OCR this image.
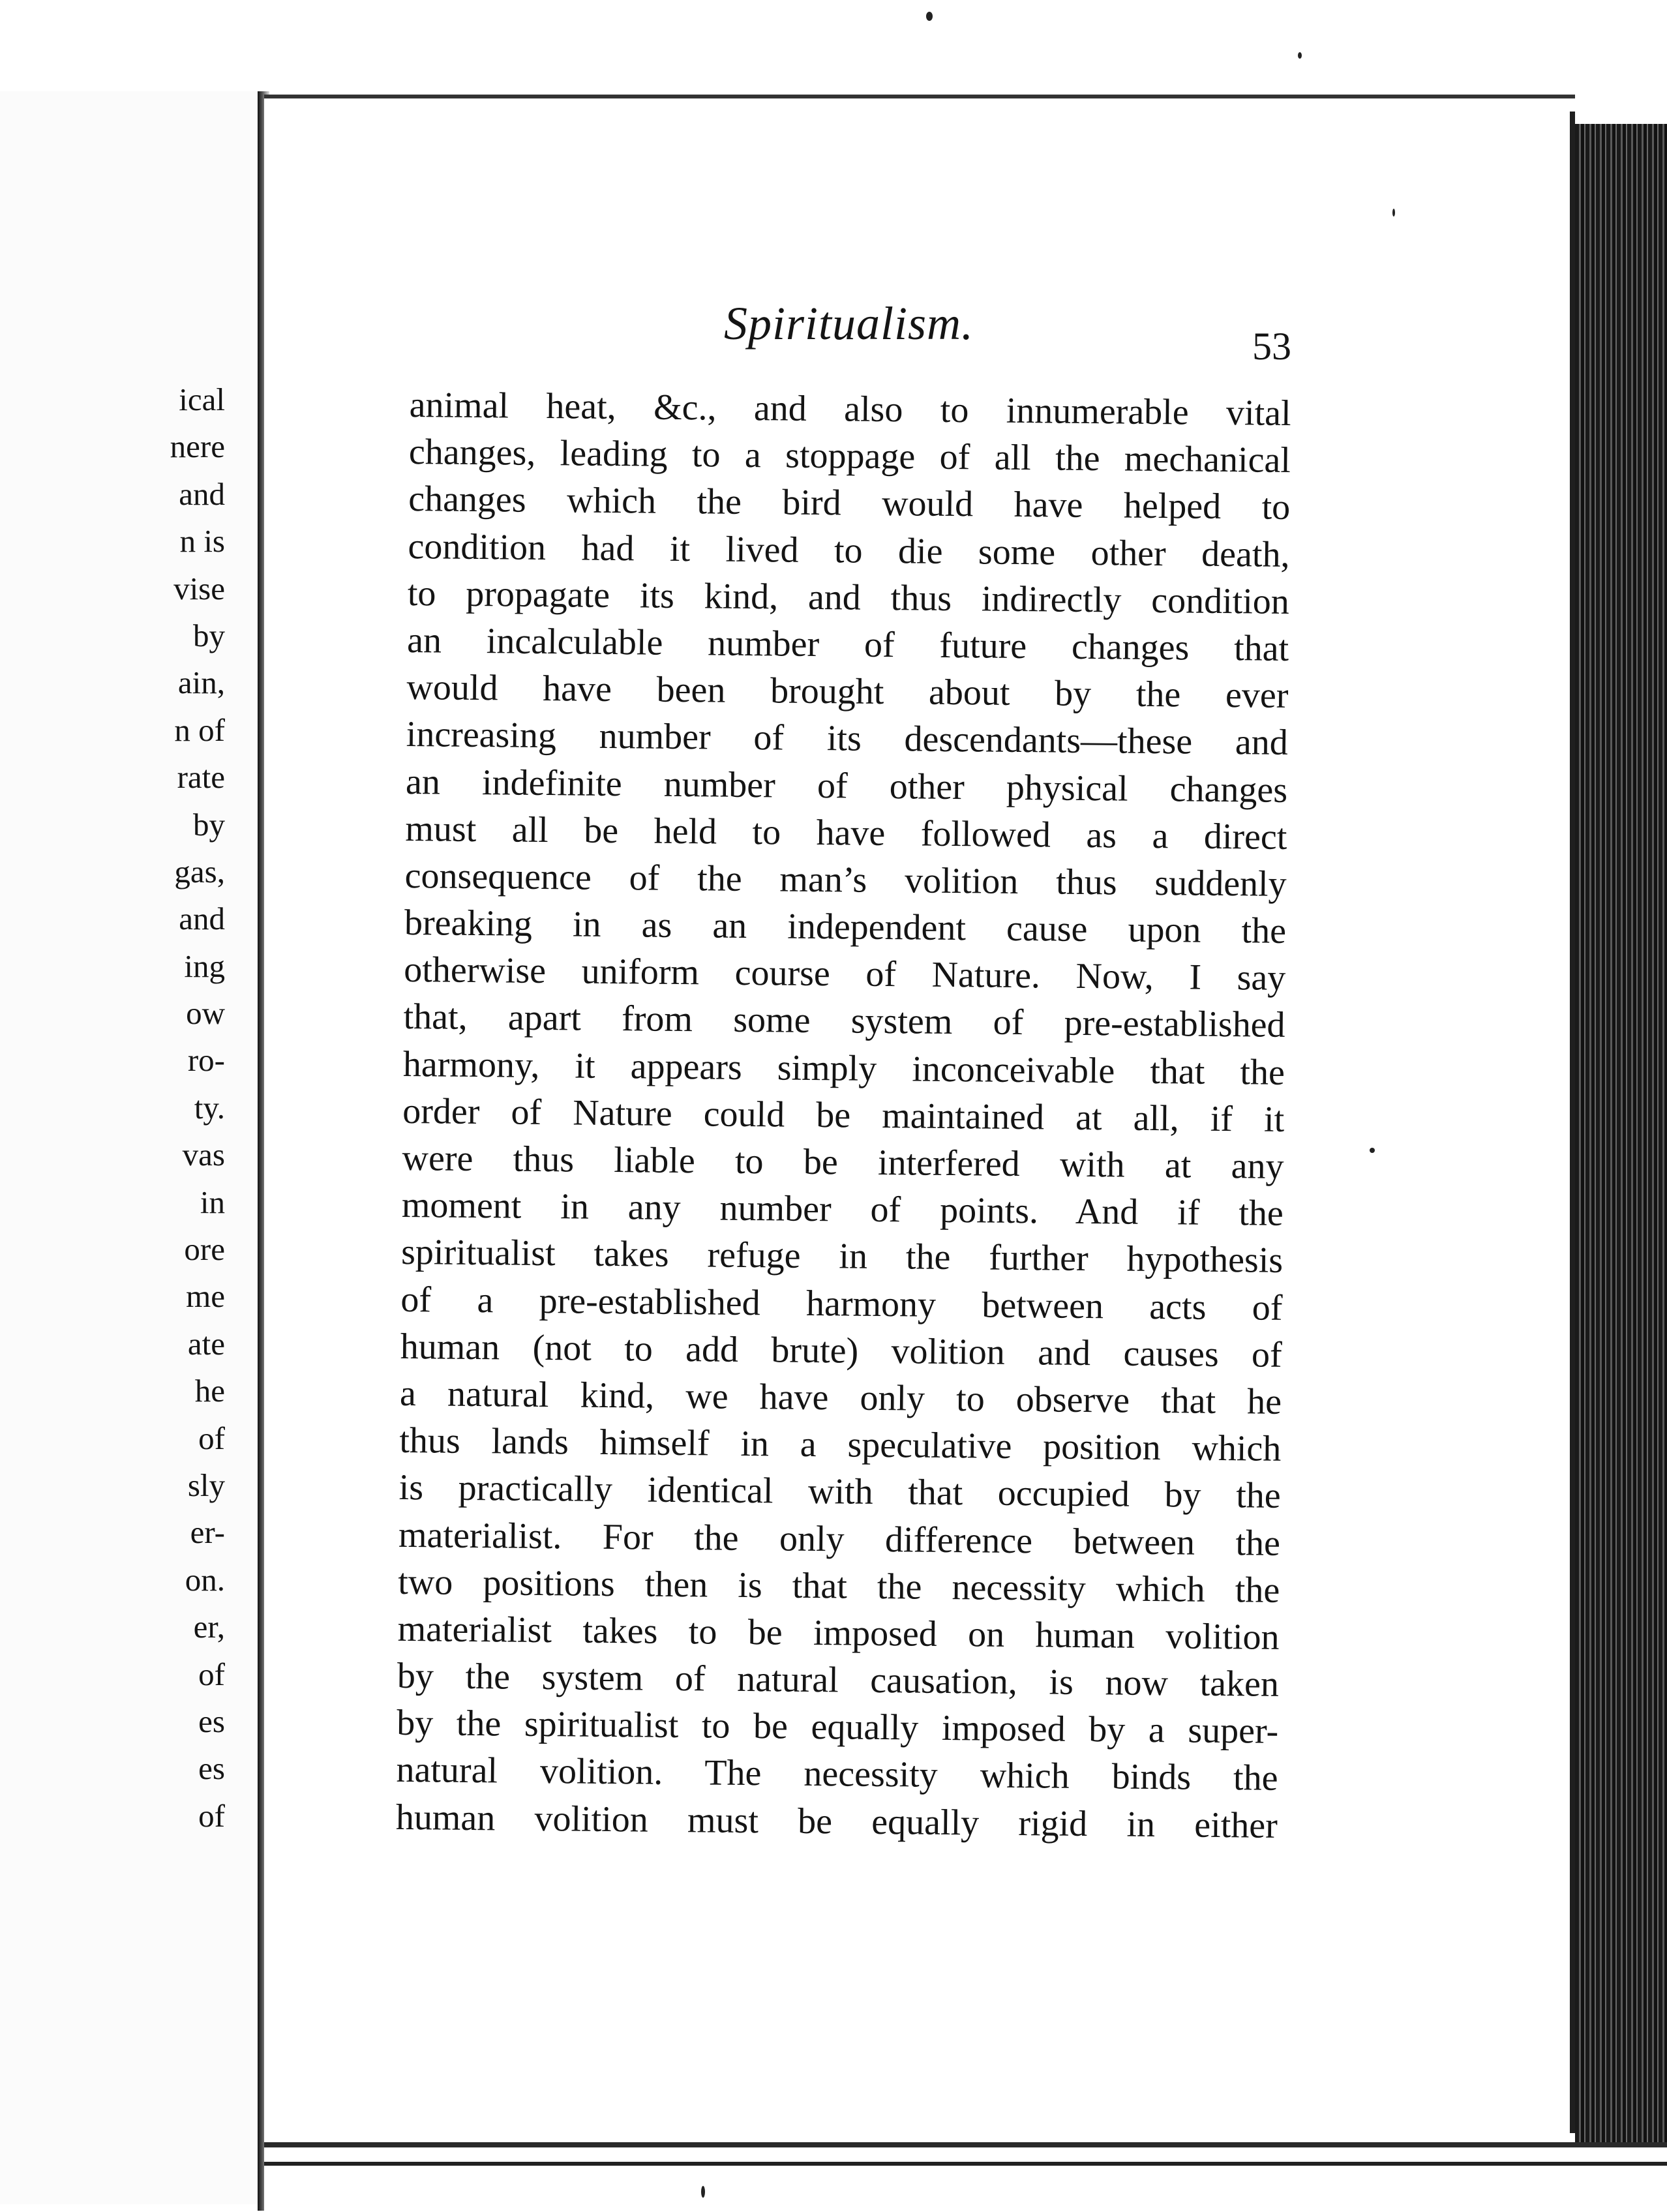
ical
nere
and
n is
vise
by
ain,
n of
rate
by
gas,
and
ing
ow
ro-
ty.
vas
in
ore
me
ate
he
of
sly
er-
on.
er,
of
es
es
of
Spiritualism.	53
animal heat, &c., and also to innumerable vital
changes, leading to a stoppage of all the mechanical
changes which the bird would have helped to
condition had it lived to die some other death,
to propagate its kind, and thus indirectly condition
an incalculable number of future changes that
would have been brought about by the ever
increasing number of its descendants—these and
an indefinite number of other physical changes
must all be held to have followed as a direct
consequence of the man’s volition thus suddenly
breaking in as an independent cause upon the
otherwise uniform course of Nature. Now, I say
that, apart from some system of pre-established
harmony, it appears simply inconceivable that the
order of Nature could be maintained at all, if it
were thus liable to be interfered with at any
moment in any number of points. And if the
spiritualist takes refuge in the further hypothesis
of a pre-established harmony between acts of
human (not to add brute) volition and causes of
a natural kind, we have only to observe that he
thus lands himself in a speculative position which
is practically identical with that occupied by the
materialist. For the only difference between the
two positions then is that the necessity which the
materialist takes to be imposed on human volition
by the system of natural causation, is now taken
by the spiritualist to be equally imposed by a super-
natural volition. The necessity which binds the
human volition must be equally rigid in either
